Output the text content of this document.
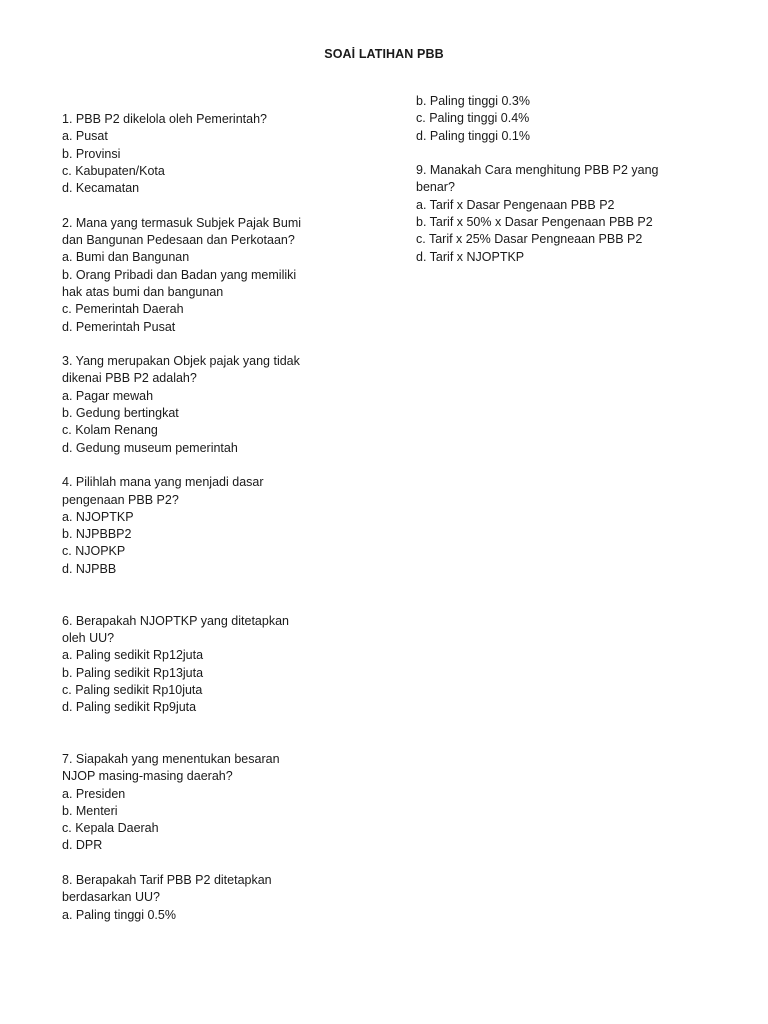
SOAİ LATIHAN PBB
1. PBB P2 dikelola oleh Pemerintah?
a. Pusat
b. Provinsi
c. Kabupaten/Kota
d. Kecamatan
2. Mana yang termasuk Subjek Pajak Bumi dan Bangunan Pedesaan dan Perkotaan?
a. Bumi dan Bangunan
b. Orang Pribadi dan Badan yang memiliki hak atas bumi dan bangunan
c. Pemerintah Daerah
d. Pemerintah Pusat
3. Yang merupakan Objek pajak yang tidak dikenai PBB P2 adalah?
a. Pagar mewah
b. Gedung bertingkat
c. Kolam Renang
d. Gedung museum pemerintah
4. Pilihlah mana yang menjadi dasar pengenaan PBB P2?
a. NJOPTKP
b. NJPBBP2
c. NJOPKP
d. NJPBB
6. Berapakah NJOPTKP yang ditetapkan oleh UU?
a. Paling sedikit Rp12juta
b. Paling sedikit Rp13juta
c. Paling sedikit Rp10juta
d. Paling sedikit Rp9juta
7. Siapakah yang menentukan besaran NJOP masing-masing daerah?
a. Presiden
b. Menteri
c. Kepala Daerah
d. DPR
8. Berapakah Tarif PBB P2 ditetapkan berdasarkan UU?
a. Paling tinggi 0.5%
b. Paling tinggi 0.3%
c. Paling tinggi 0.4%
d. Paling tinggi 0.1%
9. Manakah Cara menghitung PBB P2 yang benar?
a. Tarif x Dasar Pengenaan PBB P2
b. Tarif x 50% x Dasar Pengenaan PBB P2
c. Tarif x 25% Dasar Pengneaan PBB P2
d. Tarif x NJOPTKP
